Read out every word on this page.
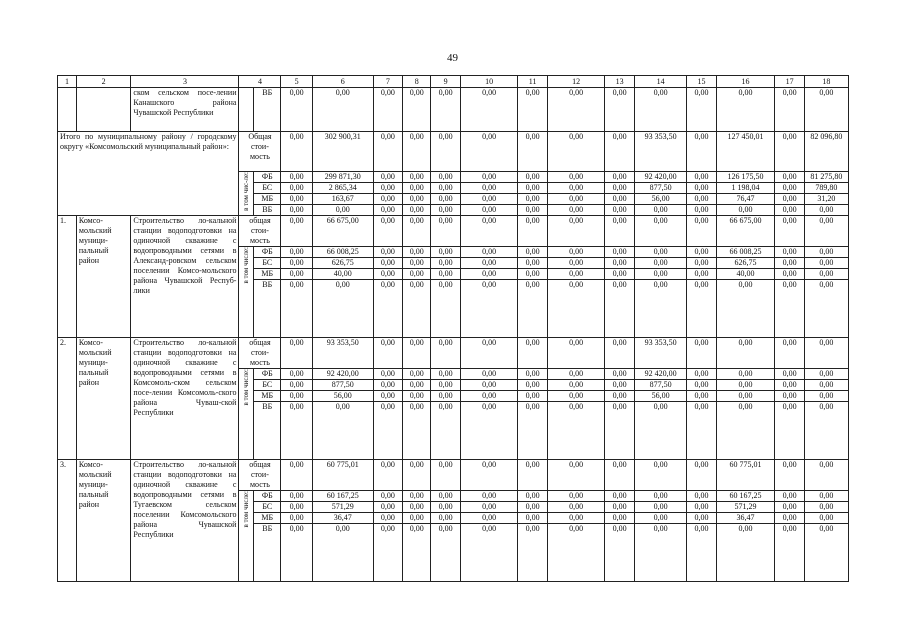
49
1	2	3	4		5	6	7	8	9	10	11	12	13	14	15	16	17	18
		ском сельском посе-лении Канашского района Чувашской Республики		ВБ	0,00	0,00	0,00	0,00	0,00	0,00	0,00	0,00	0,00	0,00	0,00	0,00	0,00	0,00
Итого по муниципальному району / городскому округу «Комсомольский муниципальный район»:			Общая стои-мость		0,00	302 900,31	0,00	0,00	0,00	0,00	0,00	0,00	0,00	93 353,50	0,00	127 450,01	0,00	82 096,80
			в том чис-ле:	ФБ	0,00	299 871,30	0,00	0,00	0,00	0,00	0,00	0,00	0,00	92 420,00	0,00	126 175,50	0,00	81 275,80
				БС	0,00	2 865,34	0,00	0,00	0,00	0,00	0,00	0,00	0,00	877,50	0,00	1 198,04	0,00	789,80
				МБ	0,00	163,67	0,00	0,00	0,00	0,00	0,00	0,00	0,00	56,00	0,00	76,47	0,00	31,20
				ВБ	0,00	0,00	0,00	0,00	0,00	0,00	0,00	0,00	0,00	0,00	0,00	0,00	0,00	0,00
1.	Комсо-мольский муници-пальный район	Строительство ло-кальной станции водоподготовки на одиночной скважине с водопроводными сетями в Александ-ровском сельском поселении Комсо-мольского района Чувашской Респуб-лики	общая стои-мость		0,00	66 675,00	0,00	0,00	0,00	0,00	0,00	0,00	0,00	0,00	0,00	66 675,00	0,00	0,00
			в том числе:	ФБ	0,00	66 008,25	0,00	0,00	0,00	0,00	0,00	0,00	0,00	0,00	0,00	66 008,25	0,00	0,00
				БС	0,00	626,75	0,00	0,00	0,00	0,00	0,00	0,00	0,00	0,00	0,00	626,75	0,00	0,00
				МБ	0,00	40,00	0,00	0,00	0,00	0,00	0,00	0,00	0,00	0,00	0,00	40,00	0,00	0,00
				ВБ	0,00	0,00	0,00	0,00	0,00	0,00	0,00	0,00	0,00	0,00	0,00	0,00	0,00	0,00
2.	Комсо-мольский муници-пальный район	Строительство ло-кальной станции водоподготовки на одиночной скважине с водопроводными сетями в Комсомоль-ском сельском посе-лении Комсомоль-ского района Чуваш-ской Республики	общая стои-мость		0,00	93 353,50	0,00	0,00	0,00	0,00	0,00	0,00	0,00	93 353,50	0,00	0,00	0,00	0,00
			в том числе:	ФБ	0,00	92 420,00	0,00	0,00	0,00	0,00	0,00	0,00	0,00	92 420,00	0,00	0,00	0,00	0,00
				БС	0,00	877,50	0,00	0,00	0,00	0,00	0,00	0,00	0,00	877,50	0,00	0,00	0,00	0,00
				МБ	0,00	56,00	0,00	0,00	0,00	0,00	0,00	0,00	0,00	56,00	0,00	0,00	0,00	0,00
				ВБ	0,00	0,00	0,00	0,00	0,00	0,00	0,00	0,00	0,00	0,00	0,00	0,00	0,00	0,00
3.	Комсо-мольский муници-пальный район	Строительство ло-кальной станции водоподготовки на одиночной скважине с водопроводными сетями в Тугаевском сельском поселении Комсомольского района Чувашской Республики	общая стои-мость		0,00	60 775,01	0,00	0,00	0,00	0,00	0,00	0,00	0,00	0,00	0,00	60 775,01	0,00	0,00
			в том числе:	ФБ	0,00	60 167,25	0,00	0,00	0,00	0,00	0,00	0,00	0,00	0,00	0,00	60 167,25	0,00	0,00
				БС	0,00	571,29	0,00	0,00	0,00	0,00	0,00	0,00	0,00	0,00	0,00	571,29	0,00	0,00
				МБ	0,00	36,47	0,00	0,00	0,00	0,00	0,00	0,00	0,00	0,00	0,00	36,47	0,00	0,00
				ВБ	0,00	0,00	0,00	0,00	0,00	0,00	0,00	0,00	0,00	0,00	0,00	0,00	0,00	0,00
